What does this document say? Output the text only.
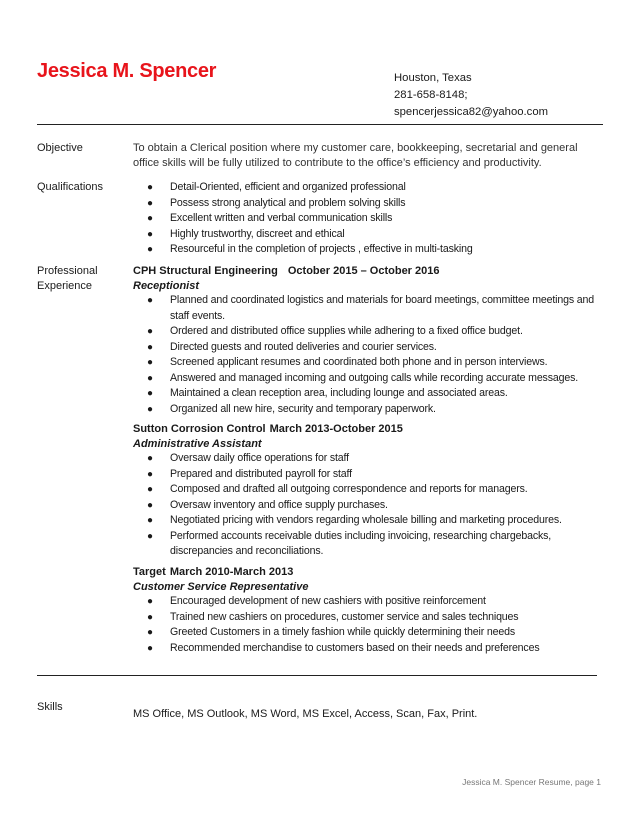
Jessica M. Spencer	Houston, Texas
281-658-8148;
spencerjessica82@yahoo.com
Objective	To obtain a Clerical position where my customer care, bookkeeping, secretarial and general office skills will be fully utilized to contribute to the office’s efficiency and productivity.
Qualifications	● Detail-Oriented, efficient and organized professional
● Possess strong analytical and problem solving skills
● Excellent written and verbal communication skills
● Highly trustworthy, discreet and ethical
● Resourceful in the completion of projects , effective in multi-tasking
Professional
Experience
CPH Structural Engineering October 2015 – October 2016
Receptionist
● Planned and coordinated logistics and materials for board meetings, committee meetings and staff events.
● Ordered and distributed office supplies while adhering to a fixed office budget.
● Directed guests and routed deliveries and courier services.
● Screened applicant resumes and coordinated both phone and in person interviews.
● Answered and managed incoming and outgoing calls while recording accurate messages.
● Maintained a clean reception area, including lounge and associated areas.
● Organized all new hire, security and temporary paperwork.
Sutton Corrosion Control March 2013-October 2015
Administrative Assistant
● Oversaw daily office operations for staff
● Prepared and distributed payroll for staff
● Composed and drafted all outgoing correspondence and reports for managers.
● Oversaw inventory and office supply purchases.
● Negotiated pricing with vendors regarding wholesale billing and marketing procedures.
● Performed accounts receivable duties including invoicing, researching chargebacks, discrepancies and reconciliations.
Target March 2010-March 2013
Customer Service Representative
● Encouraged development of new cashiers with positive reinforcement
● Trained new cashiers on procedures, customer service and sales techniques
● Greeted Customers in a timely fashion while quickly determining their needs
● Recommended merchandise to customers based on their needs and preferences
Skills
MS Office, MS Outlook, MS Word, MS Excel, Access, Scan, Fax, Print.
Jessica M. Spencer Resume, page 1
